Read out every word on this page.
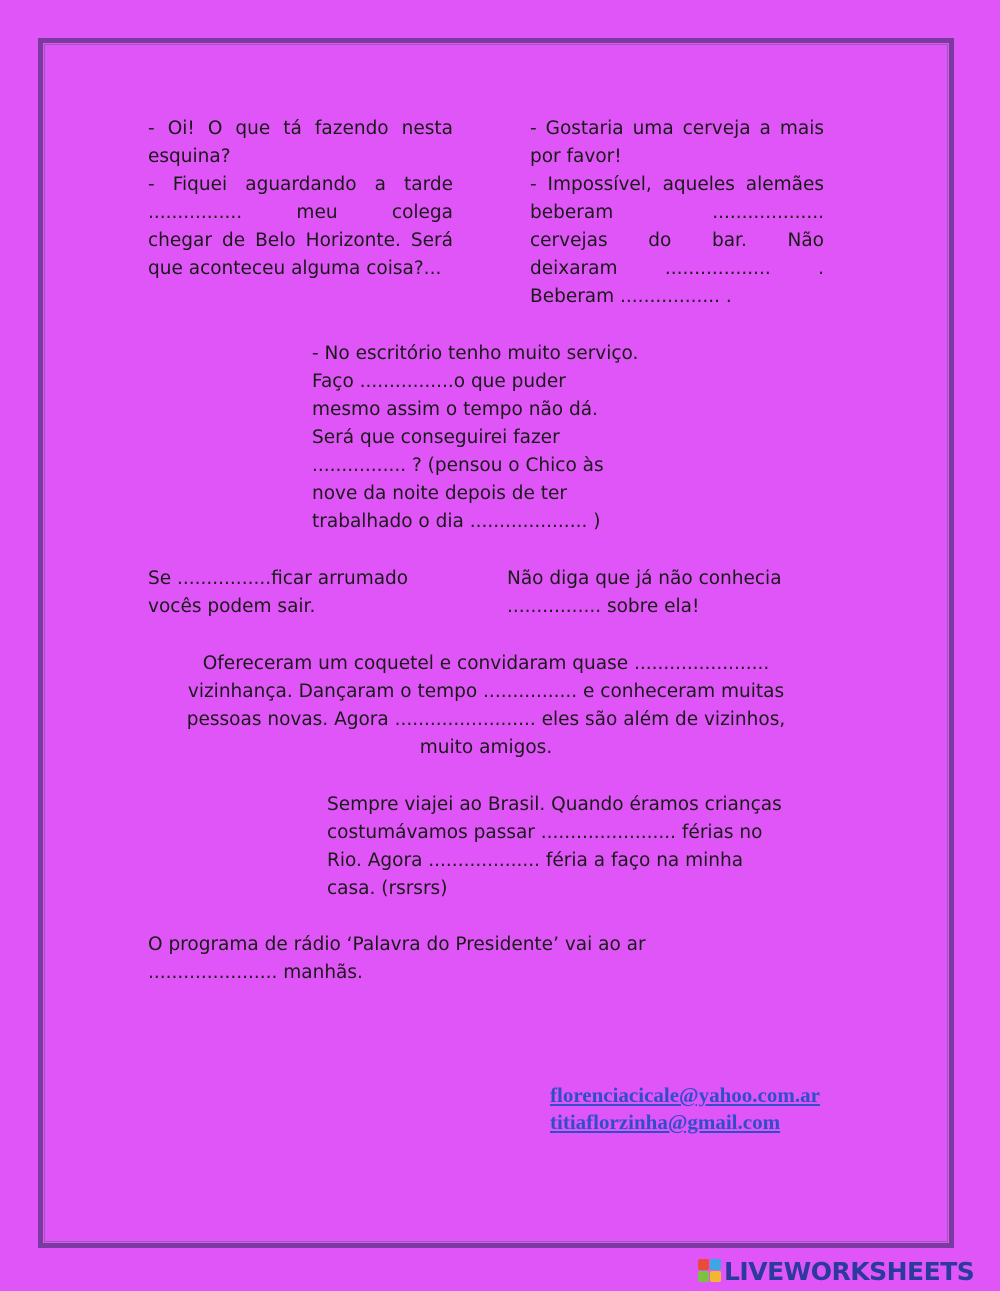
- Oi! O que tá fazendo nesta
esquina?
- Fiquei aguardando a tarde
................ meu colega
chegar de Belo Horizonte. Será
que aconteceu alguma coisa?...
- Gostaria uma cerveja a mais
por favor!
- Impossível, aqueles alemães
beberam ...................
cervejas do bar. Não
deixaram .................. .
Beberam ................. .
- No escritório tenho muito serviço.
Faço ................o que puder
mesmo assim o tempo não dá.
Será que conseguirei fazer
................ ? (pensou o Chico às
nove da noite depois de ter
trabalhado o dia .................... )
Se ................ficar arrumado
vocês podem sair.
Não diga que já não conhecia
................ sobre ela!
Ofereceram um coquetel e convidaram quase .......................
vizinhança. Dançaram o tempo ................ e conheceram muitas
pessoas novas. Agora ........................ eles são além de vizinhos,
muito amigos.
Sempre viajei ao Brasil. Quando éramos crianças
costumávamos passar ....................... férias no
Rio. Agora ................... féria a faço na minha
casa. (rsrsrs)
O programa de rádio ‘Palavra do Presidente’ vai ao ar
...................... manhãs.
florenciacicale@yahoo.com.ar
titiaflorzinha@gmail.com
LIVEWORKSHEETS
